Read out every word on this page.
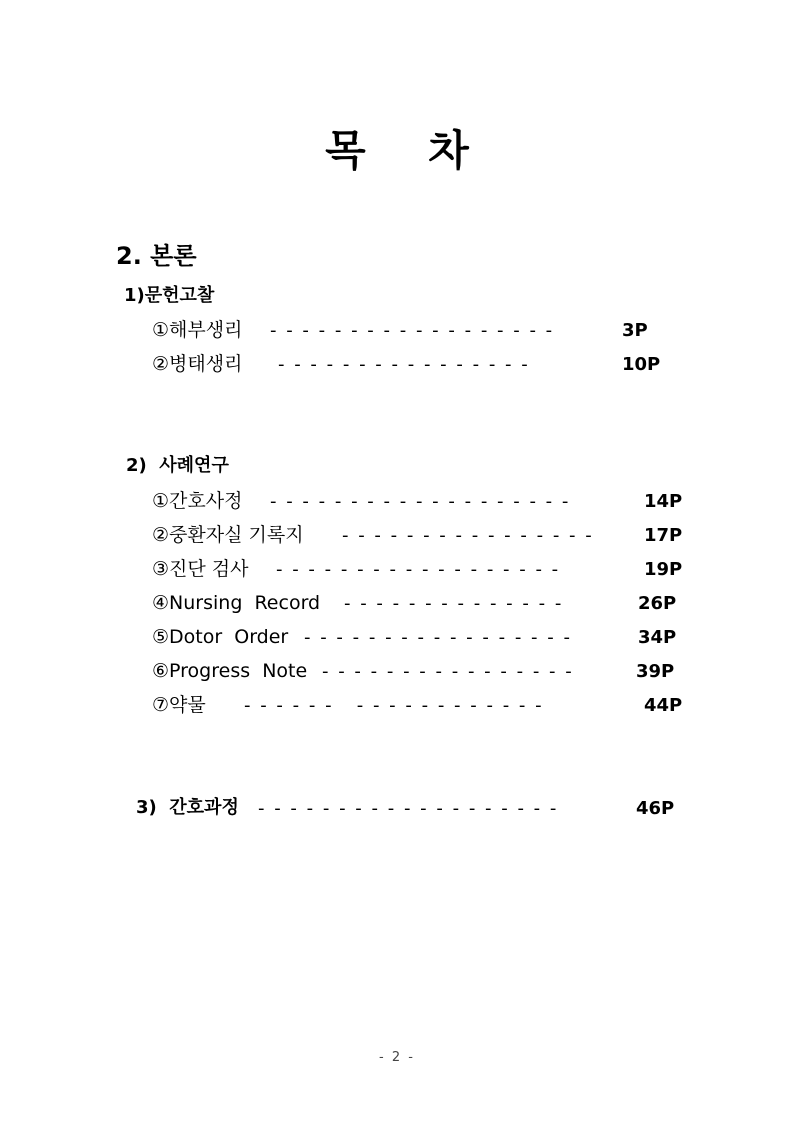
목 차
2. 본론
1)문헌고찰
①해부생리 - - - - - - - - - - - - - - - - - -	3P
②병태생리 - - - - - - - - - - - - - - - -	10P
2)  사례연구
①간호사정 - - - - - - - - - - - - - - - - - - -	14P
②중환자실 기록지 - - - - - - - - - - - - - - - -	17P
③진단 검사 - - - - - - - - - - - - - - - - - -	19P
④Nursing  Record - - - - - - - - - - - - - -	26P
⑤Dotor  Order - - - - - - - - - - - - - - - - -	34P
⑥Progress  Note - - - - - - - - - - - - - - - -	39P
⑦약물 - - - - - -   - - - - - - - - - - - -	44P
3)  간호과정 - - - - - - - - - - - - - - - - - - -	46P
- 2 -
